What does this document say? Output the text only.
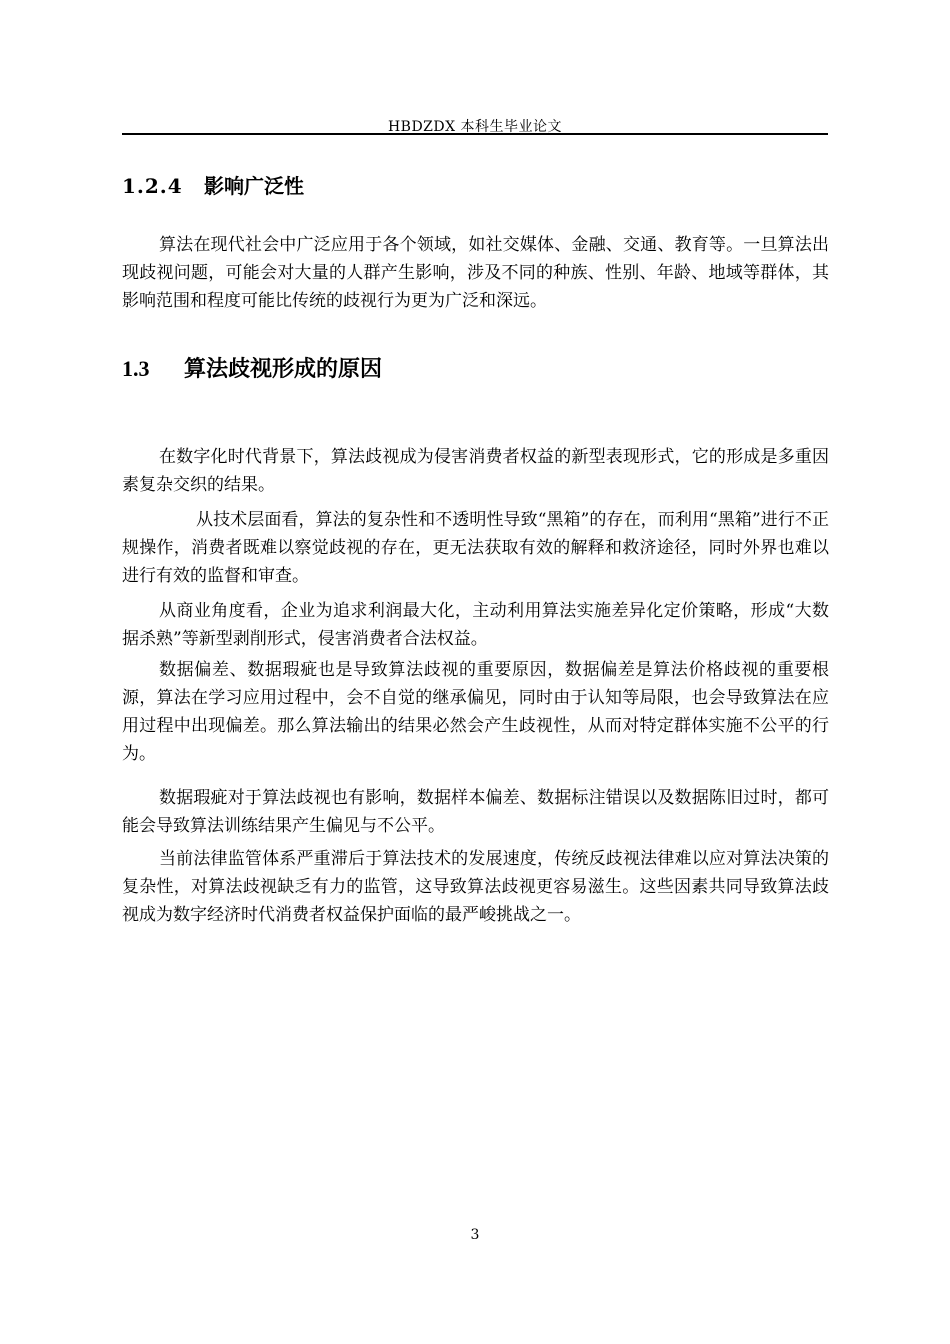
HBDZDX 本科生毕业论文
1.2.4 影响广泛性

算法在现代社会中广泛应用于各个领域，如社交媒体、金融、交通、教育等。一旦算法出现歧视问题，可能会对大量的人群产生影响，涉及不同的种族、性别、年龄、地域等群体，其影响范围和程度可能比传统的歧视行为更为广泛和深远。

1.3 算法歧视形成的原因

在数字化时代背景下，算法歧视成为侵害消费者权益的新型表现形式，它的形成是多重因素复杂交织的结果。

从技术层面看，算法的复杂性和不透明性导致“黑箱”的存在，而利用“黑箱”进行不正规操作，消费者既难以察觉歧视的存在，更无法获取有效的解释和救济途径，同时外界也难以进行有效的监督和审查。

从商业角度看，企业为追求利润最大化，主动利用算法实施差异化定价策略，形成“大数据杀熟”等新型剥削形式，侵害消费者合法权益。

数据偏差、数据瑕疵也是导致算法歧视的重要原因，数据偏差是算法价格歧视的重要根源，算法在学习应用过程中，会不自觉的继承偏见，同时由于认知等局限，也会导致算法在应用过程中出现偏差。那么算法输出的结果必然会产生歧视性，从而对特定群体实施不公平的行为。

数据瑕疵对于算法歧视也有影响，数据样本偏差、数据标注错误以及数据陈旧过时，都可能会导致算法训练结果产生偏见与不公平。

当前法律监管体系严重滞后于算法技术的发展速度，传统反歧视法律难以应对算法决策的复杂性，对算法歧视缺乏有力的监管，这导致算法歧视更容易滋生。这些因素共同导致算法歧视成为数字经济时代消费者权益保护面临的最严峻挑战之一。

3
